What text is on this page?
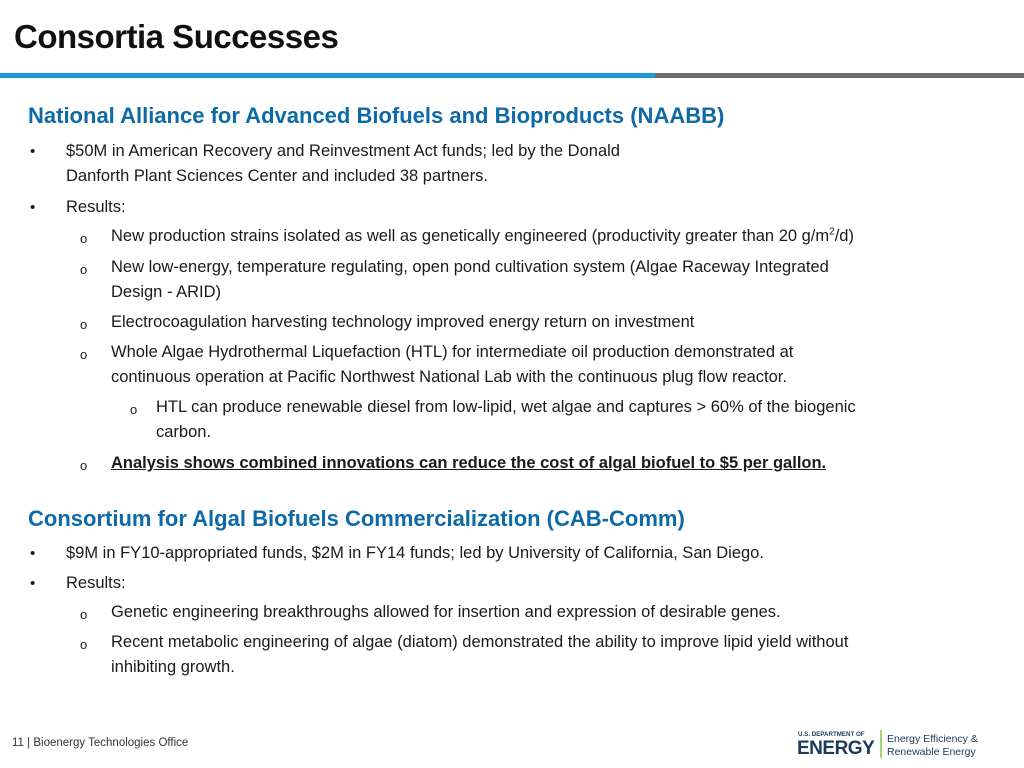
Consortia Successes
National Alliance for Advanced Biofuels and Bioproducts (NAABB)
• $50M in American Recovery and Reinvestment Act funds; led by the Donald
Danforth Plant Sciences Center and included 38 partners.
• Results:
o New production strains isolated as well as genetically engineered (productivity greater than 20 $g/m^2/d$)
o New low-energy, temperature regulating, open pond cultivation system (Algae Raceway Integrated
Design - ARID)
o Electrocoagulation harvesting technology improved energy return on investment
o Whole Algae Hydrothermal Liquefaction (HTL) for intermediate oil production demonstrated at
continuous operation at Pacific Northwest National Lab with the continuous plug flow reactor.
o HTL can produce renewable diesel from low-lipid, wet algae and captures > 60% of the biogenic
carbon.
o Analysis shows combined innovations can reduce the cost of algal biofuel to $5 per gallon.
Consortium for Algal Biofuels Commercialization (CAB-Comm)
• $9M in FY10-appropriated funds, $2M in FY14 funds; led by University of California, San Diego.
• Results:
o Genetic engineering breakthroughs allowed for insertion and expression of desirable genes.
o Recent metabolic engineering of algae (diatom) demonstrated the ability to improve lipid yield without
inhibiting growth.
11 | Bioenergy Technologies Office
U.S. DEPARTMENT OF
ENERGY Energy Efficiency &
Renewable Energy
